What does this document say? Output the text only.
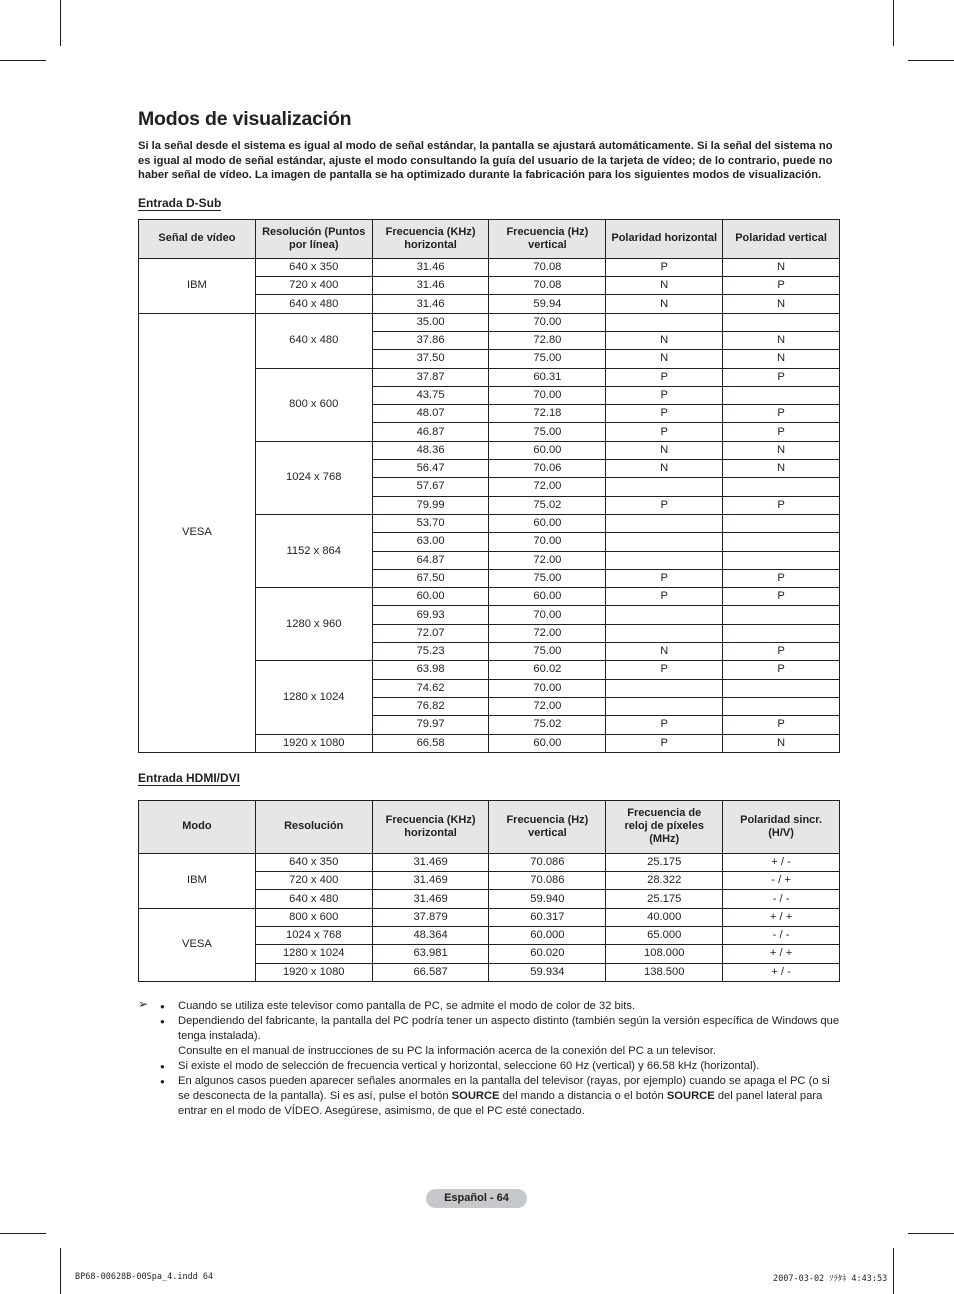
Modos de visualización

Si la señal desde el sistema es igual al modo de señal estándar, la pantalla se ajustará automáticamente. Si la señal del sistema no es igual al modo de señal estándar, ajuste el modo consultando la guía del usuario de la tarjeta de vídeo; de lo contrario, puede no haber señal de vídeo. La imagen de pantalla se ha optimizado durante la fabricación para los siguientes modos de visualización.

Entrada D-Sub
Señal de vídeo	Resolución (Puntos por línea)	Frecuencia (KHz) horizontal	Frecuencia (Hz) vertical	Polaridad horizontal	Polaridad vertical
IBM	640 x 350	31.46	70.08	P	N
	720 x 400	31.46	70.08	N	P
	640 x 480	31.46	59.94	N	N
VESA	640 x 480	35.00	70.00		
		37.86	72.80	N	N
		37.50	75.00	N	N
	800 x 600	37.87	60.31	P	P
		43.75	70.00	P	
		48.07	72.18	P	P
		46.87	75.00	P	P
	1024 x 768	48.36	60.00	N	N
		56.47	70.06	N	N
		57.67	72.00		
		79.99	75.02	P	P
	1152 x 864	53.70	60.00		
		63.00	70.00		
		64.87	72.00		
		67.50	75.00	P	P
	1280 x 960	60.00	60.00	P	P
		69.93	70.00		
		72.07	72.00		
		75.23	75.00	N	P
	1280 x 1024	63.98	60.02	P	P
		74.62	70.00		
		76.82	72.00		
		79.97	75.02	P	P
	1920 x 1080	66.58	60.00	P	N
Entrada HDMI/DVI
Modo	Resolución	Frecuencia (KHz) horizontal	Frecuencia (Hz) vertical	Frecuencia de reloj de píxeles (MHz)	Polaridad sincr. (H/V)
IBM	640 x 350	31.469	70.086	25.175	+ / -
	720 x 400	31.469	70.086	28.322	- / +
	640 x 480	31.469	59.940	25.175	- / -
VESA	800 x 600	37.879	60.317	40.000	+ / +
	1024 x 768	48.364	60.000	65.000	- / -
	1280 x 1024	63.981	60.020	108.000	+ / +
	1920 x 1080	66.587	59.934	138.500	+ / -
➢ ● Cuando se utiliza este televisor como pantalla de PC, se admite el modo de color de 32 bits.
● Dependiendo del fabricante, la pantalla del PC podría tener un aspecto distinto (también según la versión específica de Windows que tenga instalada).
Consulte en el manual de instrucciones de su PC la información acerca de la conexión del PC a un televisor.
● Si existe el modo de selección de frecuencia vertical y horizontal, seleccione 60 Hz (vertical) y 66.58 kHz (horizontal).
● En algunos casos pueden aparecer señales anormales en la pantalla del televisor (rayas, por ejemplo) cuando se apaga el PC (o si se desconecta de la pantalla). Si es así, pulse el botón SOURCE del mando a distancia o el botón SOURCE del panel lateral para entrar en el modo de VÍDEO. Asegúrese, asimismo, de que el PC esté conectado.
Español - 64
BP68-00628B-00Spa_4.indd 64	2007-03-02 ｿﾗﾀﾈ 4:43:53
